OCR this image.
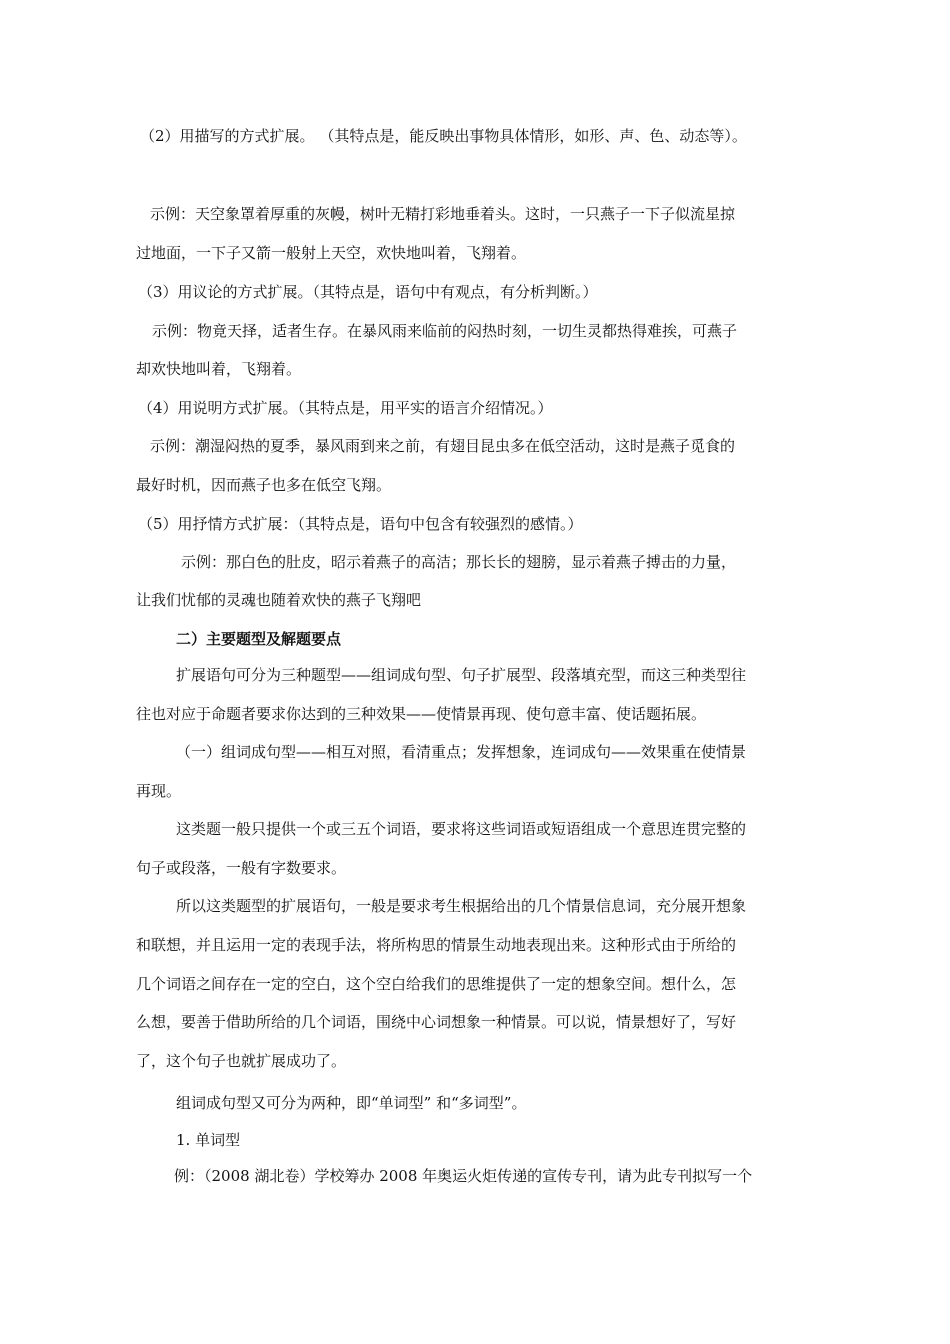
（2）用描写的方式扩展。 （其特点是，能反映出事物具体情形，如形、声、色、动态等）。
示例：天空象罩着厚重的灰幔，树叶无精打彩地垂着头。这时，一只燕子一下子似流星掠
过地面，一下子又箭一般射上天空，欢快地叫着，飞翔着。
（3）用议论的方式扩展。（其特点是，语句中有观点，有分析判断。）
示例：物竟天择，适者生存。在暴风雨来临前的闷热时刻，一切生灵都热得难挨，可燕子
却欢快地叫着，飞翔着。
（4）用说明方式扩展。（其特点是，用平实的语言介绍情况。）
示例：潮湿闷热的夏季，暴风雨到来之前，有翅目昆虫多在低空活动，这时是燕子觅食的
最好时机，因而燕子也多在低空飞翔。
（5）用抒情方式扩展：（其特点是，语句中包含有较强烈的感情。）
示例：那白色的肚皮，昭示着燕子的高洁；那长长的翅膀，显示着燕子搏击的力量，
让我们忧郁的灵魂也随着欢快的燕子飞翔吧
二）主要题型及解题要点
扩展语句可分为三种题型——组词成句型、句子扩展型、段落填充型，而这三种类型往
往也对应于命题者要求你达到的三种效果——使情景再现、使句意丰富、使话题拓展。
（一）组词成句型——相互对照，看清重点；发挥想象，连词成句——效果重在使情景
再现。
这类题一般只提供一个或三五个词语，要求将这些词语或短语组成一个意思连贯完整的
句子或段落，一般有字数要求。
所以这类题型的扩展语句，一般是要求考生根据给出的几个情景信息词，充分展开想象
和联想，并且运用一定的表现手法，将所构思的情景生动地表现出来。这种形式由于所给的
几个词语之间存在一定的空白，这个空白给我们的思维提供了一定的想象空间。想什么，怎
么想，要善于借助所给的几个词语，围绕中心词想象一种情景。可以说，情景想好了，写好
了，这个句子也就扩展成功了。
组词成句型又可分为两种，即“单词型” 和“多词型”。
1. 单词型
例：（2008 湖北卷）学校筹办 2008 年奥运火炬传递的宣传专刊，请为此专刊拟写一个
